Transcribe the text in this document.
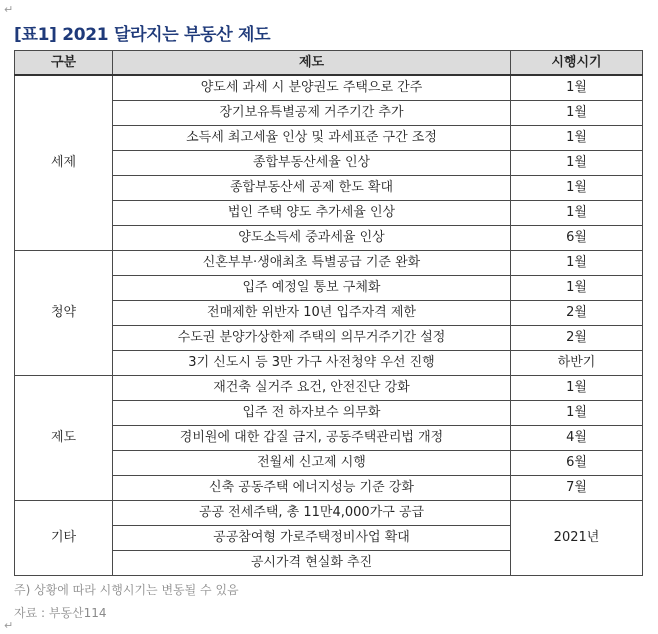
↵
[표1] 2021 달라지는 부동산 제도
구분	제도	시행시기
세제	양도세 과세 시 분양권도 주택으로 간주	1월
	장기보유특별공제 거주기간 추가	1월
	소득세 최고세율 인상 및 과세표준 구간 조정	1월
	종합부동산세율 인상	1월
	종합부동산세 공제 한도 확대	1월
	법인 주택 양도 추가세율 인상	1월
	양도소득세 중과세율 인상	6월
청약	신혼부부·생애최초 특별공급 기준 완화	1월
	입주 예정일 통보 구체화	1월
	전매제한 위반자 10년 입주자격 제한	2월
	수도권 분양가상한제 주택의 의무거주기간 설정	2월
	3기 신도시 등 3만 가구 사전청약 우선 진행	하반기
제도	재건축 실거주 요건, 안전진단 강화	1월
	입주 전 하자보수 의무화	1월
	경비원에 대한 갑질 금지, 공동주택관리법 개정	4월
	전월세 신고제 시행	6월
	신축 공동주택 에너지성능 기준 강화	7월
기타	공공 전세주택, 총 11만4,000가구 공급	2021년
	공공참여형 가로주택정비사업 확대	
	공시가격 현실화 추진	
주) 상황에 따라 시행시기는 변동될 수 있음
자료 : 부동산114
↵
